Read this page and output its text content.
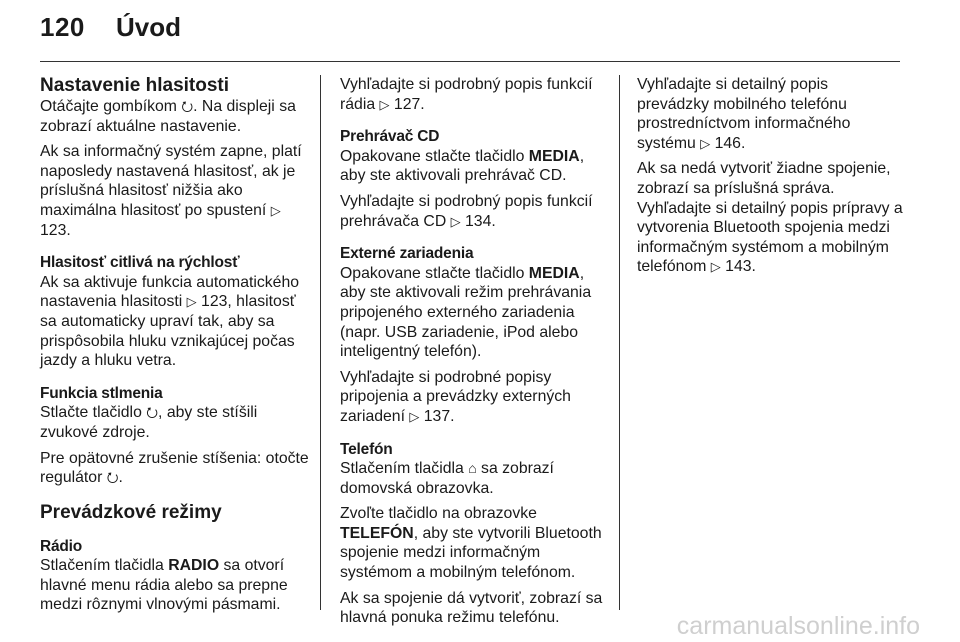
120 Úvod
Nastavenie hlasitosti

Otáčajte gombíkom ⭮. Na displeji sa zobrazí aktuálne nastavenie.

Ak sa informačný systém zapne, platí naposledy nastavená hlasitosť, ak je príslušná hlasitosť nižšia ako maximálna hlasitosť po spustení ▷ 123.

Hlasitosť citlivá na rýchlosť

Ak sa aktivuje funkcia automatického nastavenia hlasitosti ▷ 123, hlasitosť sa automaticky upraví tak, aby sa prispôsobila hluku vznikajúcej počas jazdy a hluku vetra.

Funkcia stlmenia

Stlačte tlačidlo ⭮, aby ste stíšili zvukové zdroje.

Pre opätovné zrušenie stíšenia: otočte regulátor ⭮.

Prevádzkové režimy
Rádio

Stlačením tlačidla RADIO sa otvorí hlavné menu rádia alebo sa prepne medzi rôznymi vlnovými pásmami.

Vyhľadajte si podrobný popis funkcií rádia ▷ 127.

Prehrávač CD

Opakovane stlačte tlačidlo MEDIA, aby ste aktivovali prehrávač CD.

Vyhľadajte si podrobný popis funkcií prehrávača CD ▷ 134.

Externé zariadenia

Opakovane stlačte tlačidlo MEDIA, aby ste aktivovali režim prehrávania pripojeného externého zariadenia (napr. USB zariadenie, iPod alebo inteligentný telefón).

Vyhľadajte si podrobné popisy pripojenia a prevádzky externých zariadení ▷ 137.

Telefón

Stlačením tlačidla ⌂ sa zobrazí domovská obrazovka.

Zvoľte tlačidlo na obrazovke TELEFÓN, aby ste vytvorili Bluetooth spojenie medzi informačným systémom a mobilným telefónom.

Ak sa spojenie dá vytvoriť, zobrazí sa hlavná ponuka režimu telefónu.

Vyhľadajte si detailný popis prevádzky mobilného telefónu prostredníctvom informačného systému ▷ 146.

Ak sa nedá vytvoriť žiadne spojenie, zobrazí sa príslušná správa.

Vyhľadajte si detailný popis prípravy a vytvorenia Bluetooth spojenia medzi informačným systémom a mobilným telefónom ▷ 143.

carmanualsonline.info
